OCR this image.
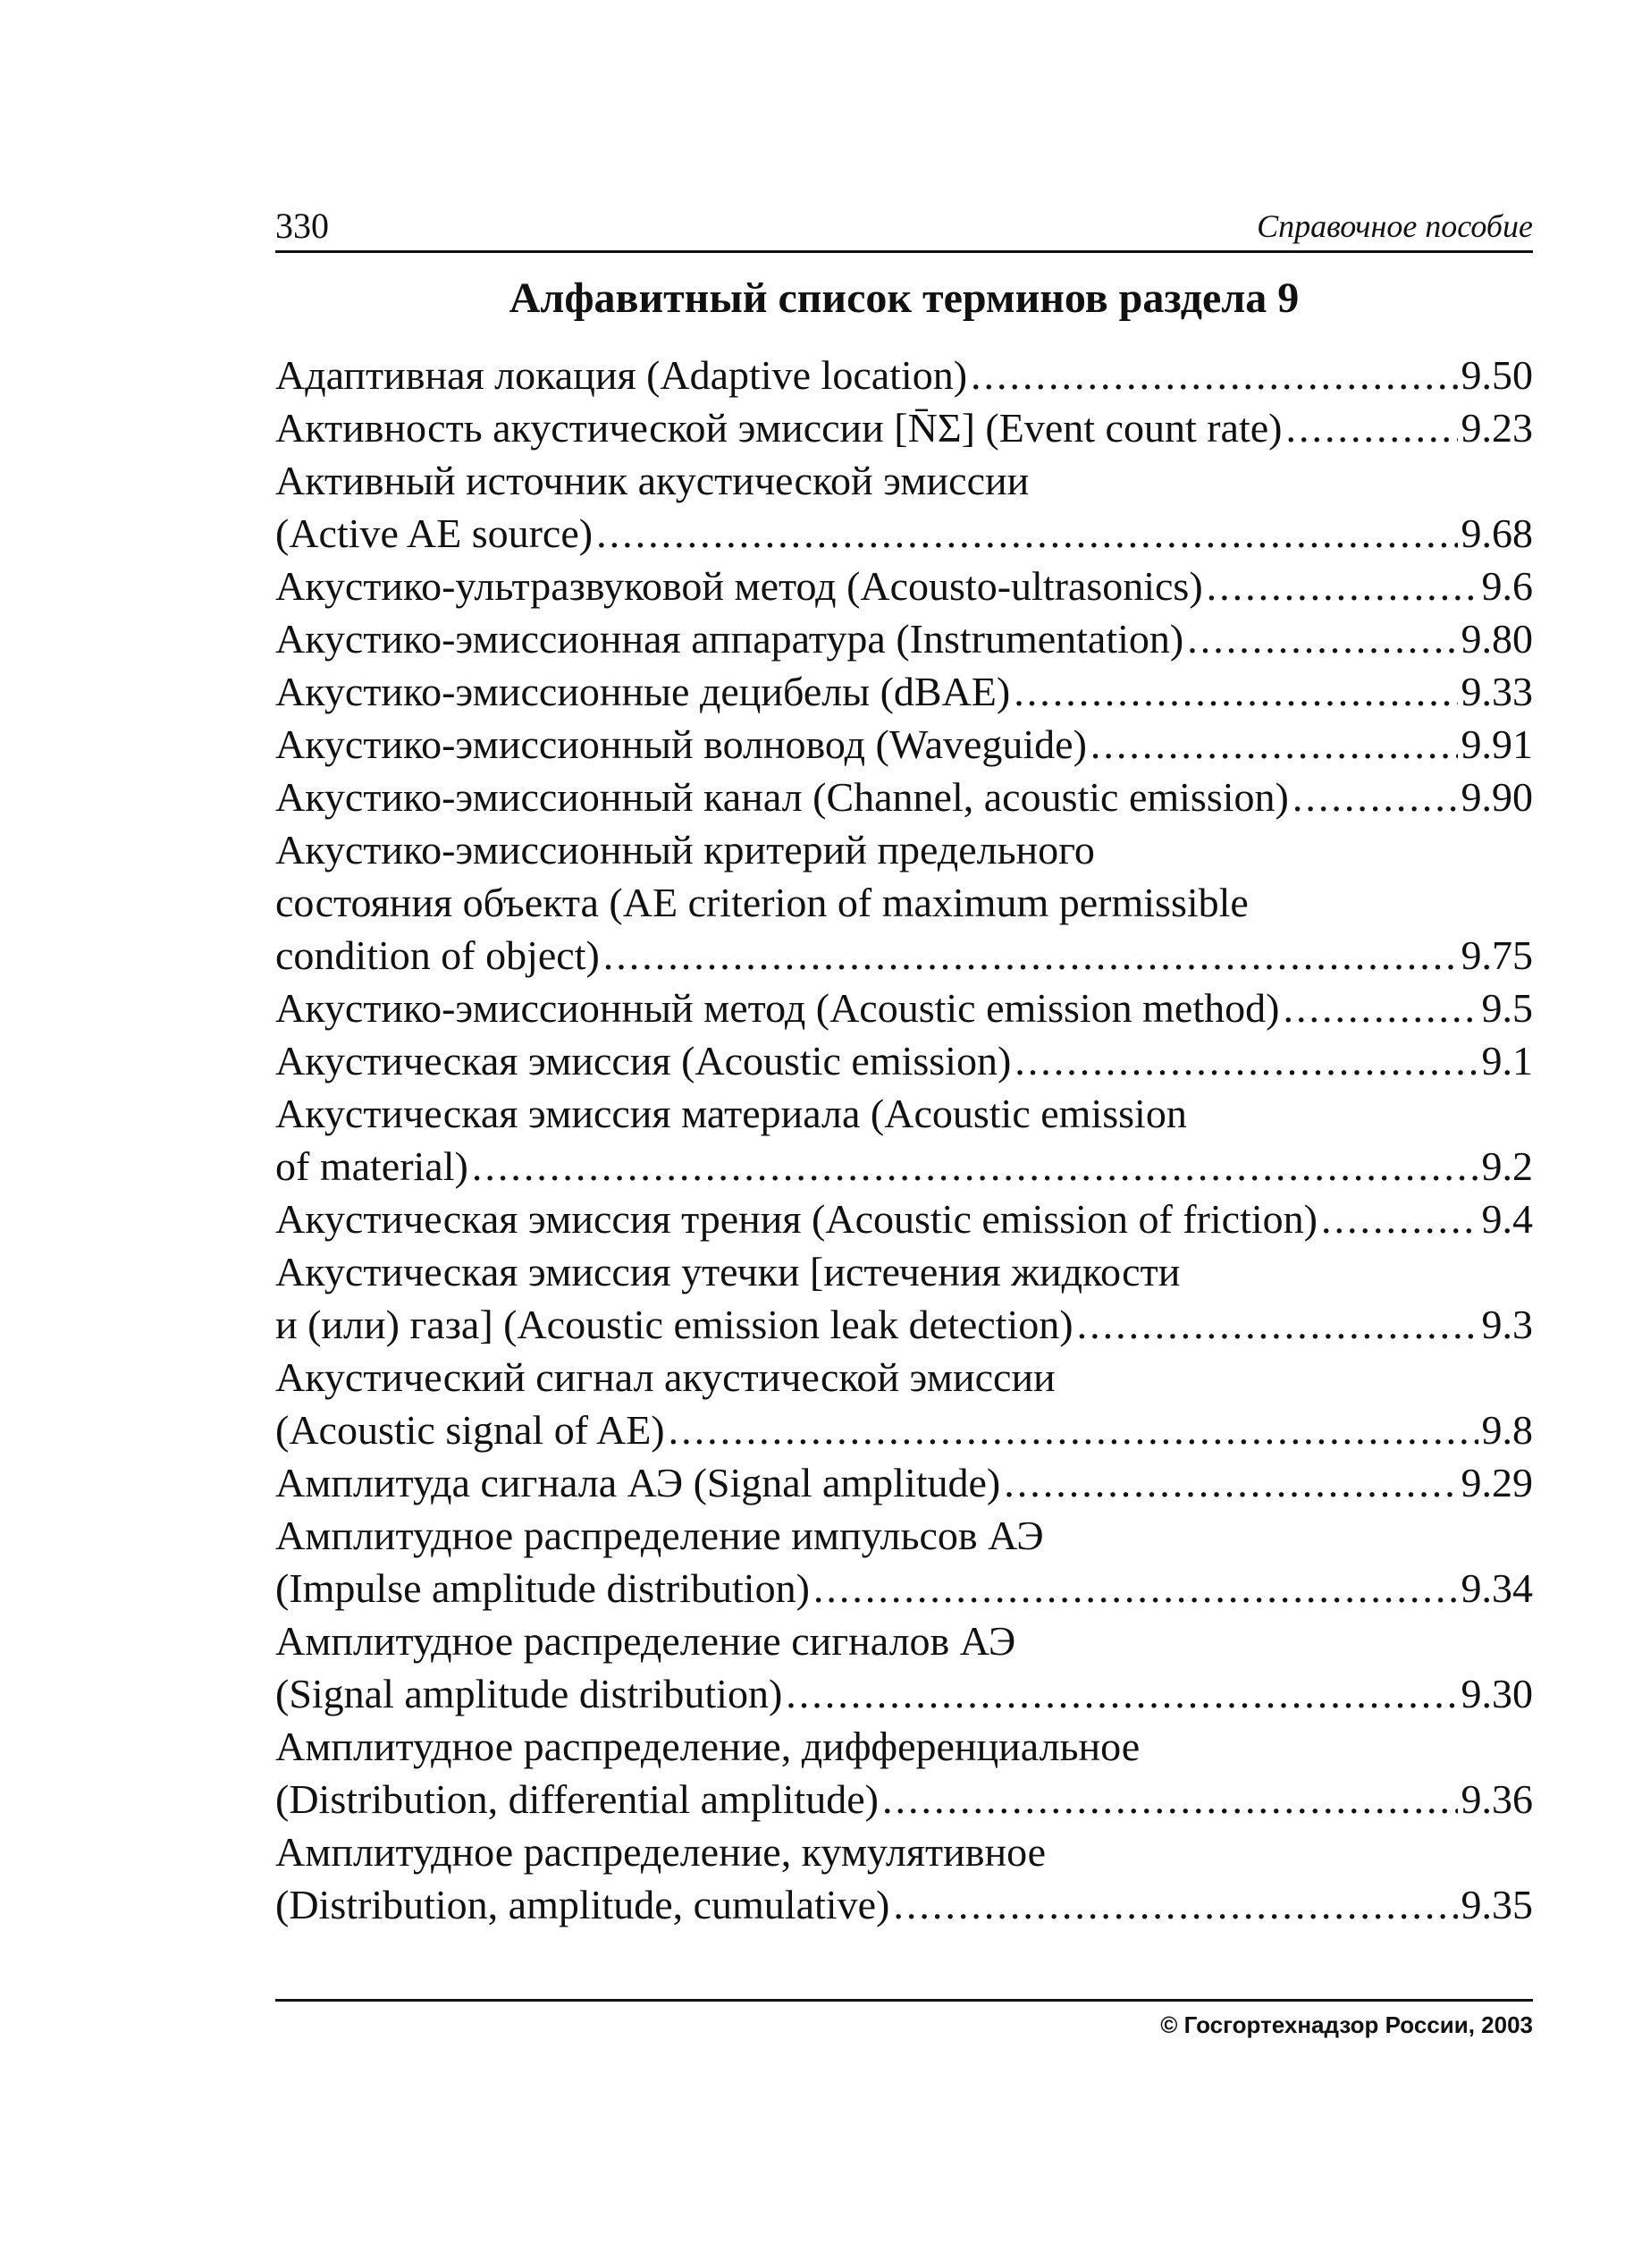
330	Справочное пособие
Алфавитный список терминов раздела 9
Адаптивная локация (Adaptive location) .....	9.50
Активность акустической эмиссии [N̄Σ] (Event count rate) .....	9.23
Активный источник акустической эмиссии
(Active AE source) .....	9.68
Акустико-ультразвуковой метод (Acousto-ultrasonics) .....	9.6
Акустико-эмиссионная аппаратура (Instrumentation) .....	9.80
Акустико-эмиссионные децибелы (dBAE) .....	9.33
Акустико-эмиссионный волновод (Waveguide) .....	9.91
Акустико-эмиссионный канал (Channel, acoustic emission) .....	9.90
Акустико-эмиссионный критерий предельного
состояния объекта (AE criterion of maximum permissible
condition of object) .....	9.75
Акустико-эмиссионный метод (Acoustic emission method) .....	9.5
Акустическая эмиссия (Acoustic emission) .....	9.1
Акустическая эмиссия материала (Acoustic emission
of material) .....	9.2
Акустическая эмиссия трения (Acoustic emission of friction) .....	9.4
Акустическая эмиссия утечки [истечения жидкости
и (или) газа] (Acoustic emission leak detection) .....	9.3
Акустический сигнал акустической эмиссии
(Acoustic signal of AE) .....	9.8
Амплитуда сигнала АЭ (Signal amplitude) .....	9.29
Амплитудное распределение импульсов АЭ
(Impulse amplitude distribution) .....	9.34
Амплитудное распределение сигналов АЭ
(Signal amplitude distribution) .....	9.30
Амплитудное распределение, дифференциальное
(Distribution, differential amplitude) .....	9.36
Амплитудное распределение, кумулятивное
(Distribution, amplitude, cumulative) .....	9.35
© Госгортехнадзор России, 2003
